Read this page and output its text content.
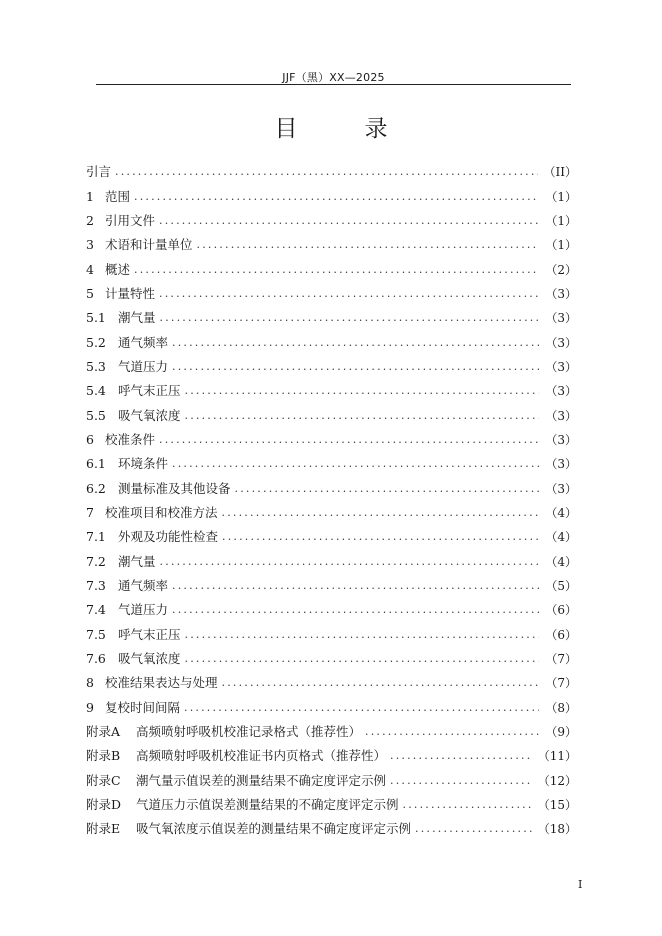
JJF（黑）XX—2025
目　录
引言 .....	（II）
1 范围 .....	（1）
2 引用文件 .....	（1）
3 术语和计量单位 .....	（1）
4 概述 .....	（2）
5 计量特性 .....	（3）
5.1 潮气量 .....	（3）
5.2 通气频率 .....	（3）
5.3 气道压力 .....	（3）
5.4 呼气末正压 .....	（3）
5.5 吸气氧浓度 .....	（3）
6 校准条件 .....	（3）
6.1 环境条件 .....	（3）
6.2 测量标准及其他设备 .....	（3）
7 校准项目和校准方法 .....	（4）
7.1 外观及功能性检查 .....	（4）
7.2 潮气量 .....	（4）
7.3 通气频率 .....	（5）
7.4 气道压力 .....	（6）
7.5 呼气末正压 .....	（6）
7.6 吸气氧浓度 .....	（7）
8 校准结果表达与处理 .....	（7）
9 复校时间间隔 .....	（8）
附录A	高频喷射呼吸机校准记录格式（推荐性） .....	（9）
附录B	高频喷射呼吸机校准证书内页格式（推荐性） .....	（11）
附录C	潮气量示值误差的测量结果不确定度评定示例 .....	（12）
附录D	气道压力示值误差测量结果的不确定度评定示例 .....	（15）
附录E	吸气氧浓度示值误差的测量结果不确定度评定示例 .....	（18）
I
